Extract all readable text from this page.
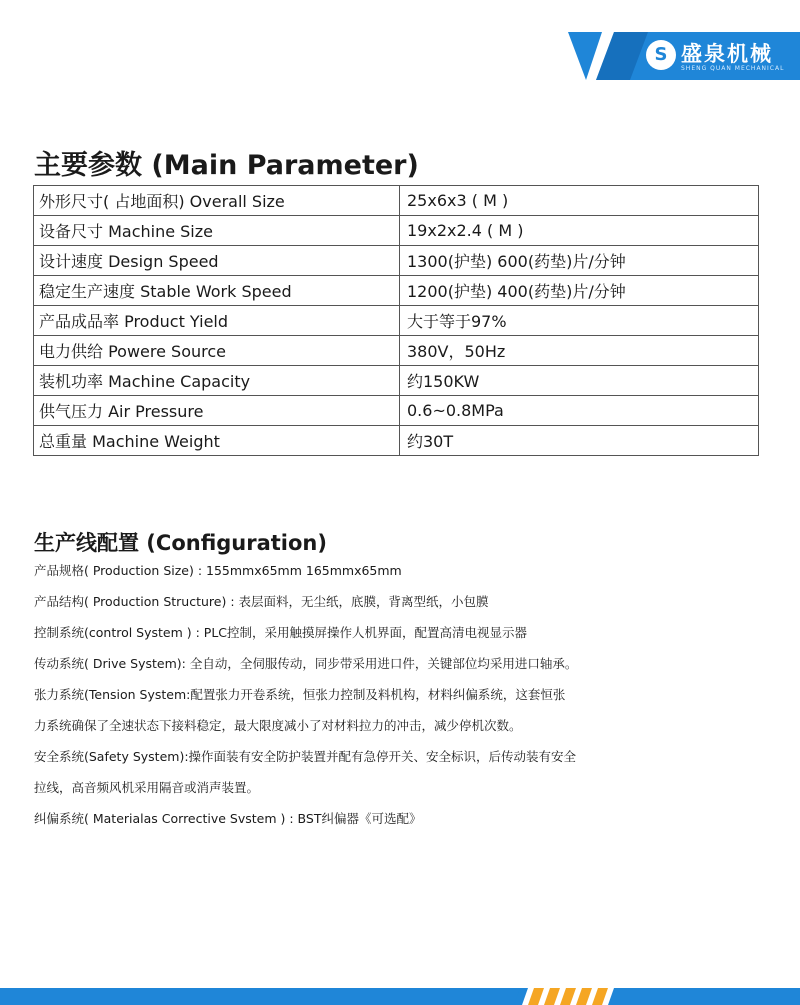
S 盛泉机械
SHENG QUAN MECHANICAL
主要参数 (Main Parameter)
外形尺寸( 占地面积) Overall Size	25x6x3 ( M )
设备尺寸 Machine Size	19x2x2.4 ( M )
设计速度 Design Speed	1300(护垫) 600(药垫)片/分钟
稳定生产速度 Stable Work Speed	1200(护垫) 400(药垫)片/分钟
产品成品率 Product Yield	大于等于97%
电力供给 Powere Source	380V，50Hz
装机功率 Machine Capacity	约150KW
供气压力 Air Pressure	0.6~0.8MPa
总重量 Machine Weight	约30T
生产线配置 (Configuration)
产品规格( Production Size) : 155mmx65mm 165mmx65mm
产品结构( Production Structure) : 表层面料，无尘纸，底膜，背离型纸，小包膜
控制系统(control System ) : PLC控制，采用触摸屏操作人机界面，配置高清电视显示器
传动系统( Drive System): 全自动，全伺服传动，同步带采用进口件，关键部位均采用进口轴承。
张力系统(Tension System:配置张力开卷系统，恒张力控制及料机构，材料纠偏系统，这套恒张
力系统确保了全速状态下接料稳定，最大限度减小了对材料拉力的冲击，减少停机次数。
安全系统(Safety System):操作面装有安全防护装置并配有急停开关、安全标识，后传动装有安全
拉线，高音频风机采用隔音或消声装置。
纠偏系统( Materialas Corrective Svstem ) : BST纠偏器《可选配》
